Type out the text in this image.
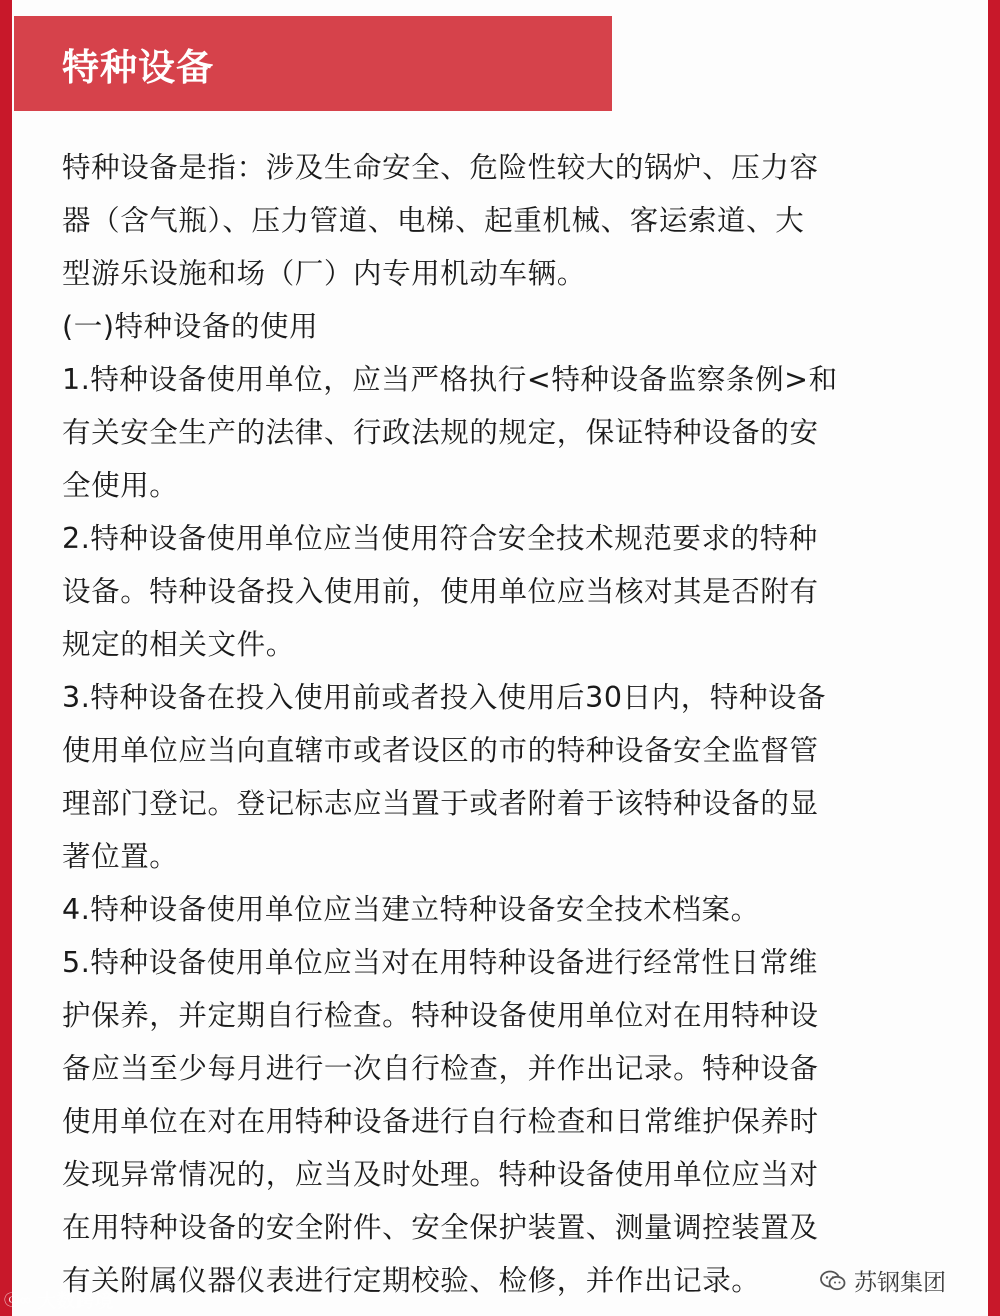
特种设备
特种设备是指：涉及生命安全、危险性较大的锅炉、压力容
器（含气瓶）、压力管道、电梯、起重机械、客运索道、大
型游乐设施和场（厂）内专用机动车辆。
(一)特种设备的使用
1.特种设备使用单位，应当严格执行<特种设备监察条例>和
有关安全生产的法律、行政法规的规定，保证特种设备的安
全使用。
2.特种设备使用单位应当使用符合安全技术规范要求的特种
设备。特种设备投入使用前，使用单位应当核对其是否附有
规定的相关文件。
3.特种设备在投入使用前或者投入使用后30日内，特种设备
使用单位应当向直辖市或者设区的市的特种设备安全监督管
理部门登记。登记标志应当置于或者附着于该特种设备的显
著位置。
4.特种设备使用单位应当建立特种设备安全技术档案。
5.特种设备使用单位应当对在用特种设备进行经常性日常维
护保养，并定期自行检查。特种设备使用单位对在用特种设
备应当至少每月进行一次自行检查，并作出记录。特种设备
使用单位在对在用特种设备进行自行检查和日常维护保养时
发现异常情况的，应当及时处理。特种设备使用单位应当对
在用特种设备的安全附件、安全保护装置、测量调控装置及
有关附属仪器仪表进行定期校验、检修，并作出记录。
ⓒ∞ 大数跨境
苏钢集团
